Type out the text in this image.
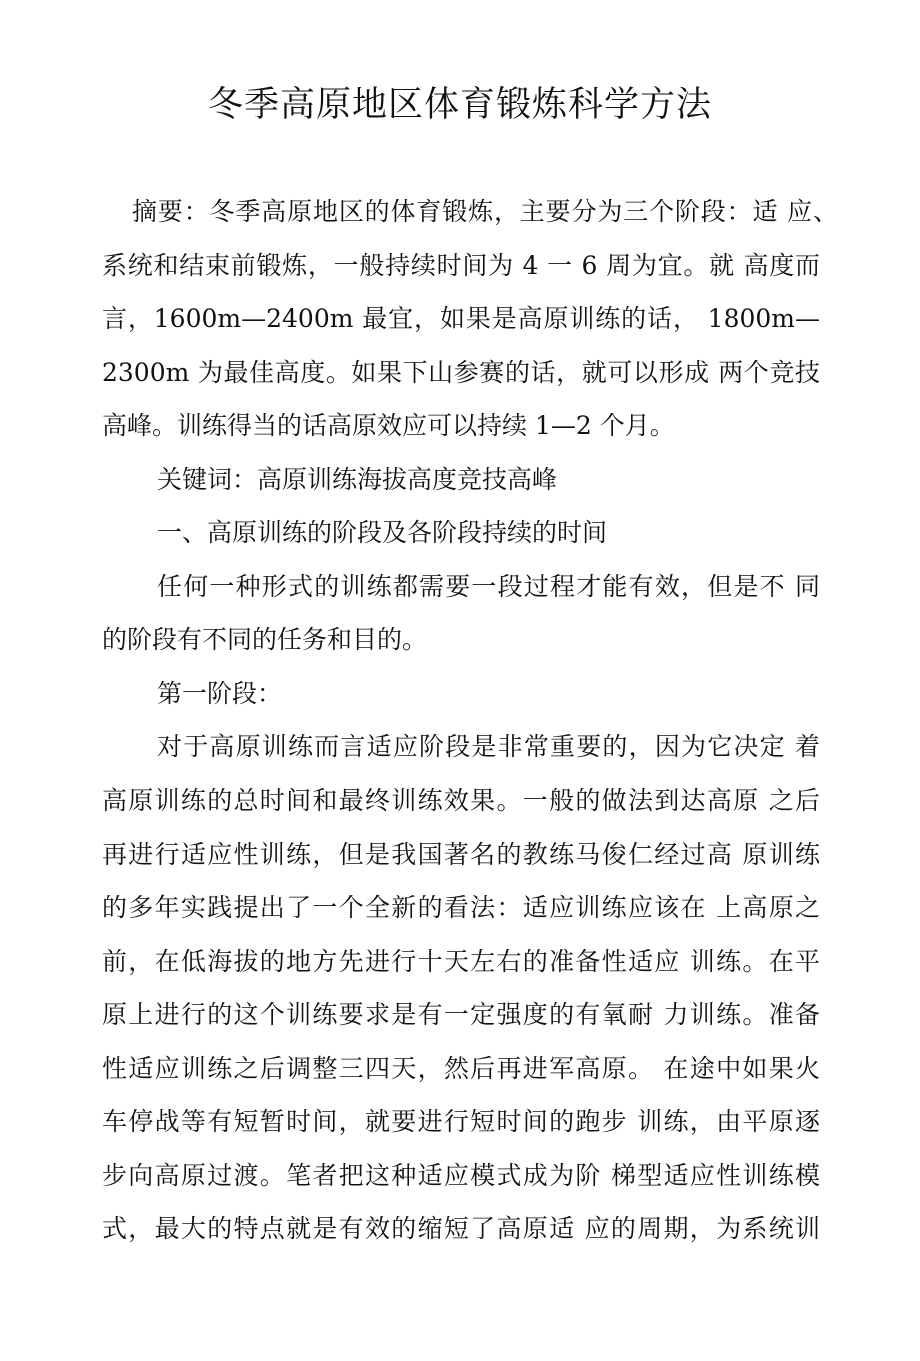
冬季高原地区体育锻炼科学方法
摘要：冬季高原地区的体育锻炼，主要分为三个阶段：适 应、
系统和结束前锻炼，一般持续时间为 4 一 6 周为宜。就 高度而
言，1600m—2400m 最宜，如果是高原训练的话， 1800m—
2300m 为最佳高度。如果下山参赛的话，就可以形成 两个竞技
高峰。训练得当的话高原效应可以持续 1—2 个月。
关键词：高原训练海拔高度竞技高峰
一、高原训练的阶段及各阶段持续的时间
任何一种形式的训练都需要一段过程才能有效，但是不 同
的阶段有不同的任务和目的。
第一阶段：
对于高原训练而言适应阶段是非常重要的，因为它决定 着
高原训练的总时间和最终训练效果。一般的做法到达高原 之后
再进行适应性训练，但是我国著名的教练马俊仁经过高 原训练
的多年实践提出了一个全新的看法：适应训练应该在 上高原之
前，在低海拔的地方先进行十天左右的准备性适应 训练。在平
原上进行的这个训练要求是有一定强度的有氧耐 力训练。准备
性适应训练之后调整三四天，然后再进军高原。 在途中如果火
车停战等有短暂时间，就要进行短时间的跑步 训练，由平原逐
步向高原过渡。笔者把这种适应模式成为阶 梯型适应性训练模
式，最大的特点就是有效的缩短了高原适 应的周期，为系统训
